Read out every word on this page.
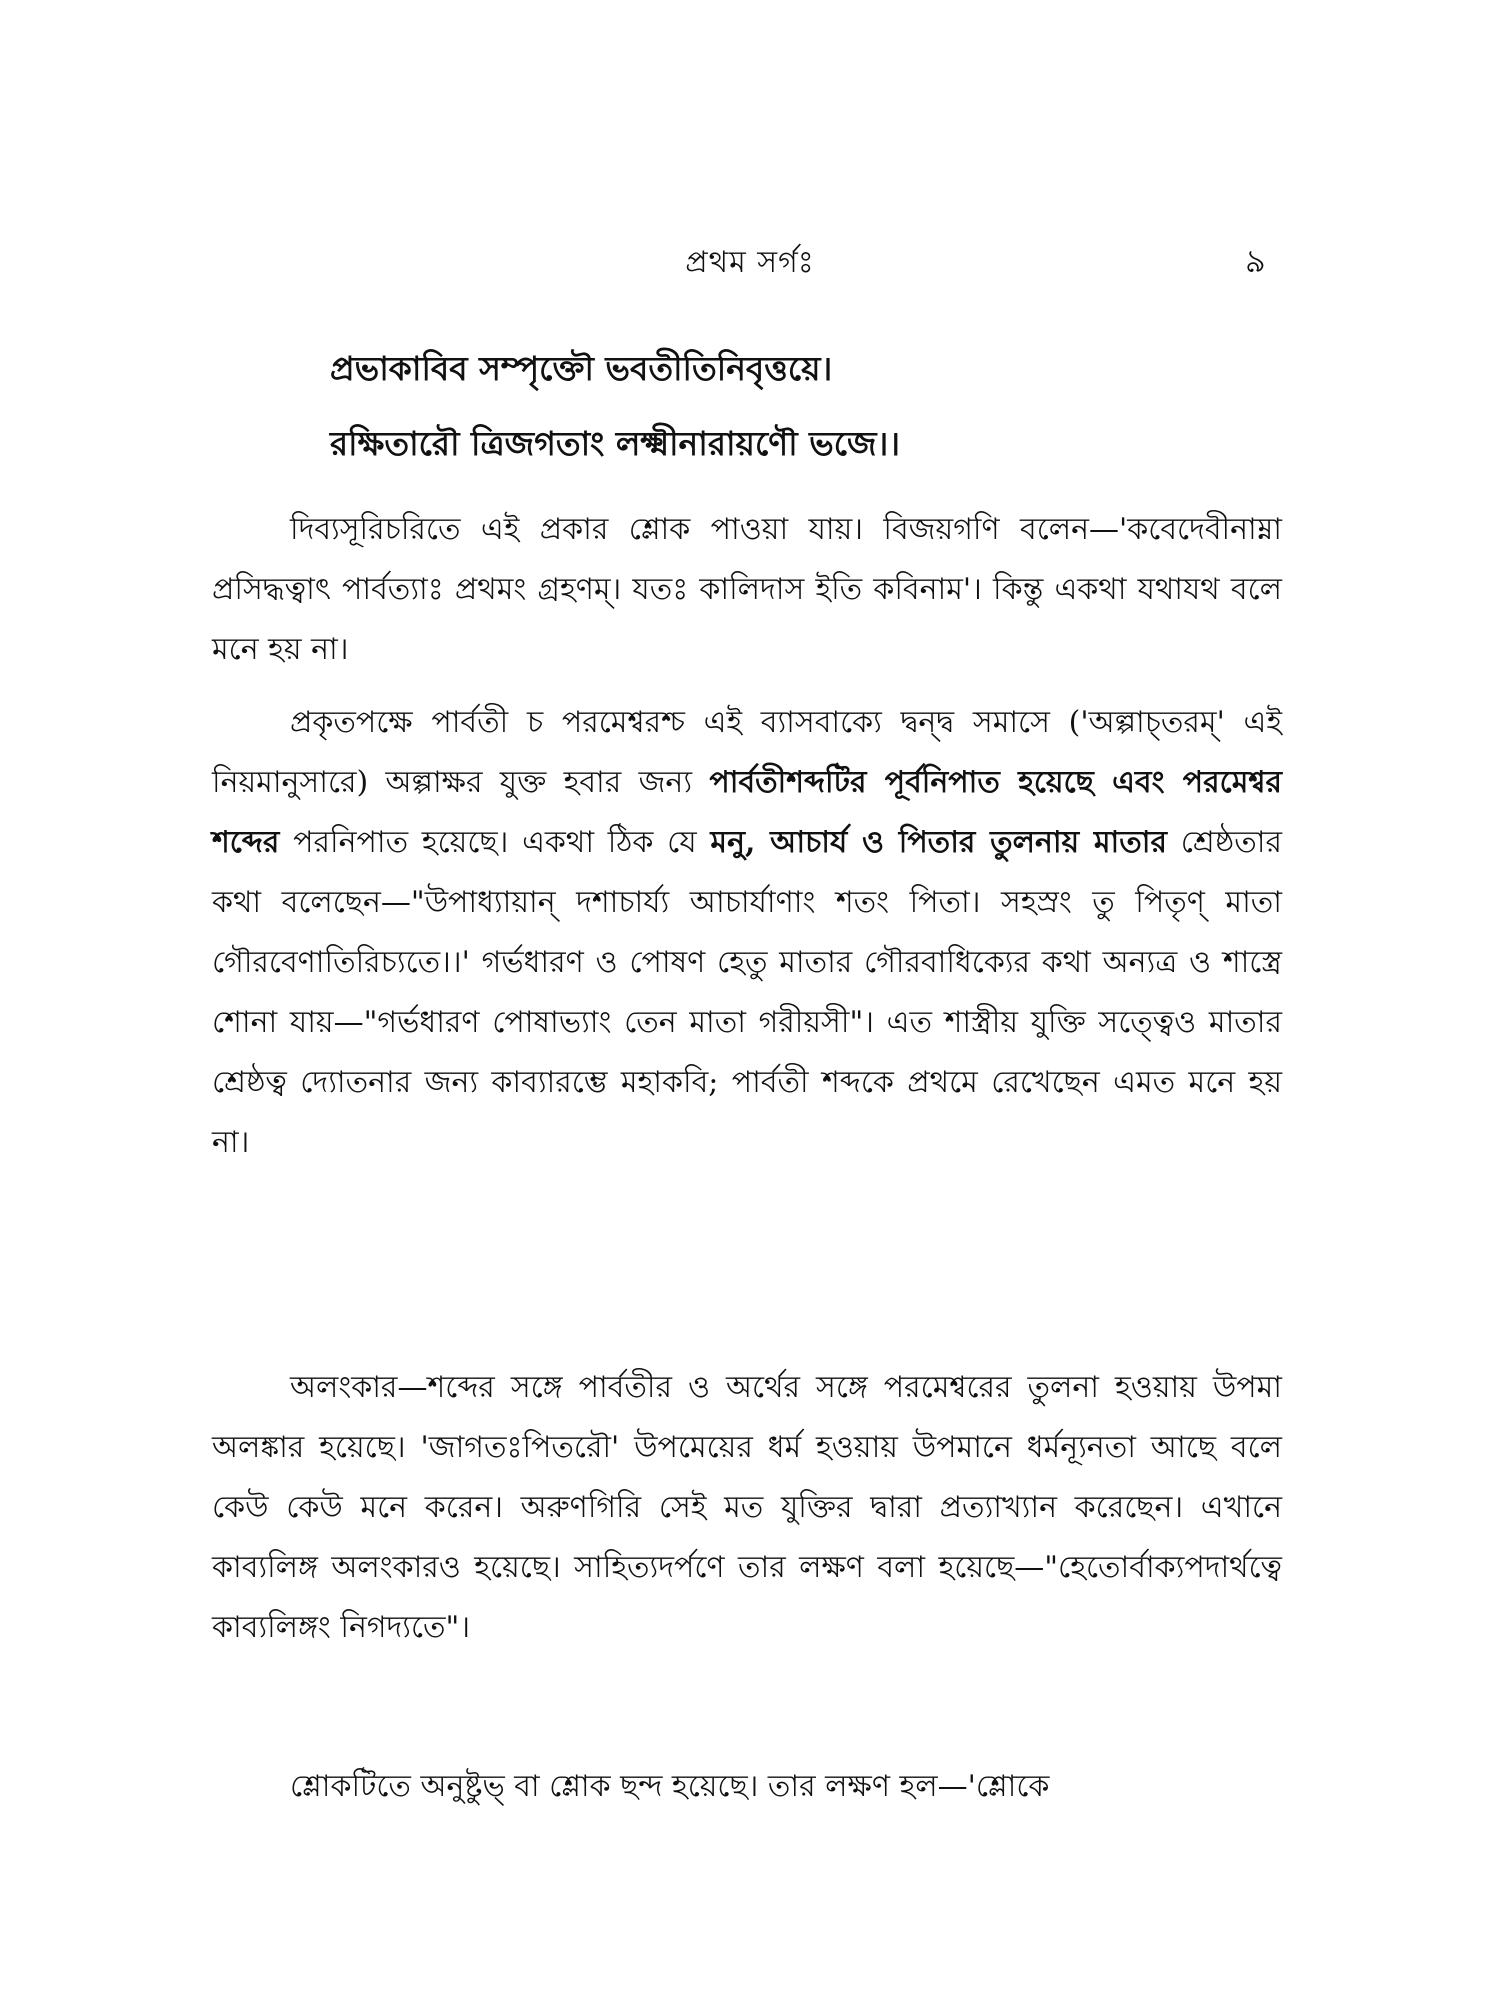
প্রথম সর্গঃ	৯
প্রভাকাবিব সম্পৃক্তৌ ভবতীতিনিবৃত্তয়ে।
রক্ষিতারৌ ত্রিজগতাং লক্ষ্মীনারায়ণৌ ভজে।।

দিব্যসূরিচরিতে এই প্রকার শ্লোক পাওয়া যায়। বিজয়গণি বলেন—'কবেদেবীনাম্না প্রসিদ্ধত্বাৎ পার্বত্যাঃ প্রথমং গ্রহণম্। যতঃ কালিদাস ইতি কবিনাম'। কিন্তু একথা যথাযথ বলে মনে হয় না।

প্রকৃতপক্ষে পার্বতী চ পরমেশ্বরশ্চ এই ব্যাসবাক্যে দ্বন্দ্ব সমাসে ('অল্পাচ্তরম্' এই নিয়মানুসারে) অল্পাক্ষর যুক্ত হবার জন্য পার্বতীশব্দটির পূর্বনিপাত হয়েছে এবং পরমেশ্বর শব্দের পরনিপাত হয়েছে। একথা ঠিক যে মনু, আচার্য ও পিতার তুলনায় মাতার শ্রেষ্ঠতার কথা বলেছেন—"উপাধ্যায়ান্ দশাচার্য্য আচার্যাণাং শতং পিতা। সহস্রং তু পিতৃণ্ মাতা গৌরবেণাতিরিচ্যতে।।' গর্ভধারণ ও পোষণ হেতু মাতার গৌরবাধিক্যের কথা অন্যত্র ও শাস্ত্রে শোনা যায়—"গর্ভধারণ পোষাভ্যাং তেন মাতা গরীয়সী"। এত শাস্ত্রীয় যুক্তি সত্ত্বেও মাতার শ্রেষ্ঠত্ব দ্যোতনার জন্য কাব্যারম্ভে মহাকবি; পার্বতী শব্দকে প্রথমে রেখেছেন এমত মনে হয় না।

অলংকার—শব্দের সঙ্গে পার্বতীর ও অর্থের সঙ্গে পরমেশ্বরের তুলনা হওয়ায় উপমা অলঙ্কার হয়েছে। 'জাগতঃপিতরৌ' উপমেয়ের ধর্ম হওয়ায় উপমানে ধর্মন্যূনতা আছে বলে কেউ কেউ মনে করেন। অরুণগিরি সেই মত যুক্তির দ্বারা প্রত্যাখ্যান করেছেন। এখানে কাব্যলিঙ্গ অলংকারও হয়েছে। সাহিত্যদর্পণে তার লক্ষণ বলা হয়েছে—"হেতোর্বাক্যপদার্থত্বে কাব্যলিঙ্গং নিগদ্যতে"।

শ্লোকটিতে অনুষ্টুভ্ বা শ্লোক ছন্দ হয়েছে। তার লক্ষণ হল—'শ্লোকে
